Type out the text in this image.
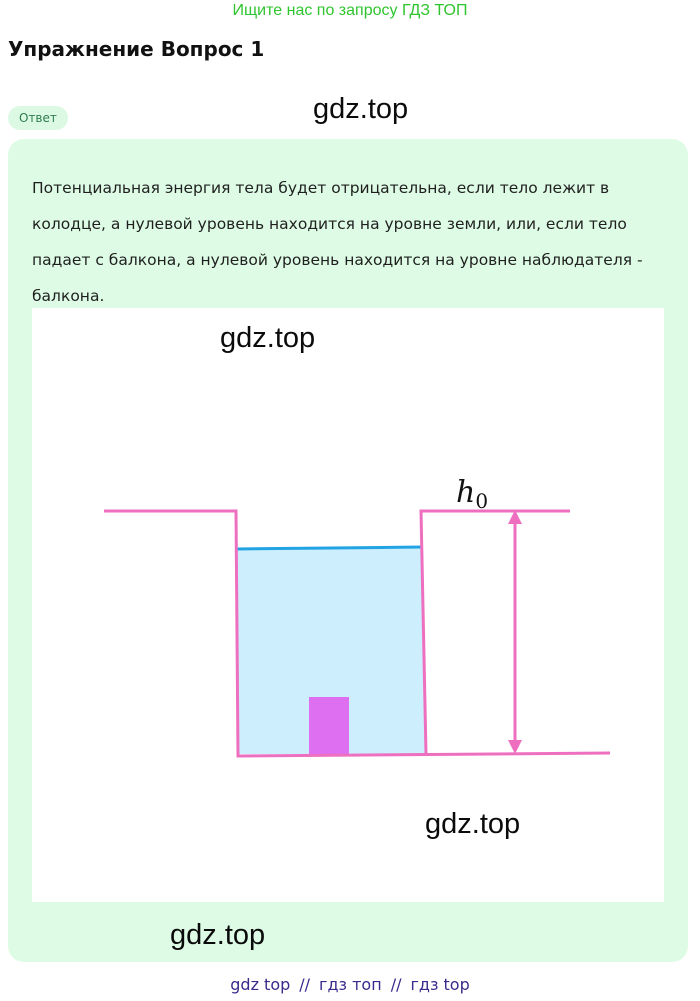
Ищите нас по запросу ГДЗ ТОП
Упражнение Вопрос 1
Ответ	gdz.top

Потенциальная энергия тела будет отрицательна, если тело лежит в колодце, а нулевой уровень находится на уровне земли, или, если тело падает с балкона, а нулевой уровень находится на уровне наблюдателя - балкона.

$h_0$
gdz.top
gdz.top
gdz.top
gdz top // гдз топ // гдз top
